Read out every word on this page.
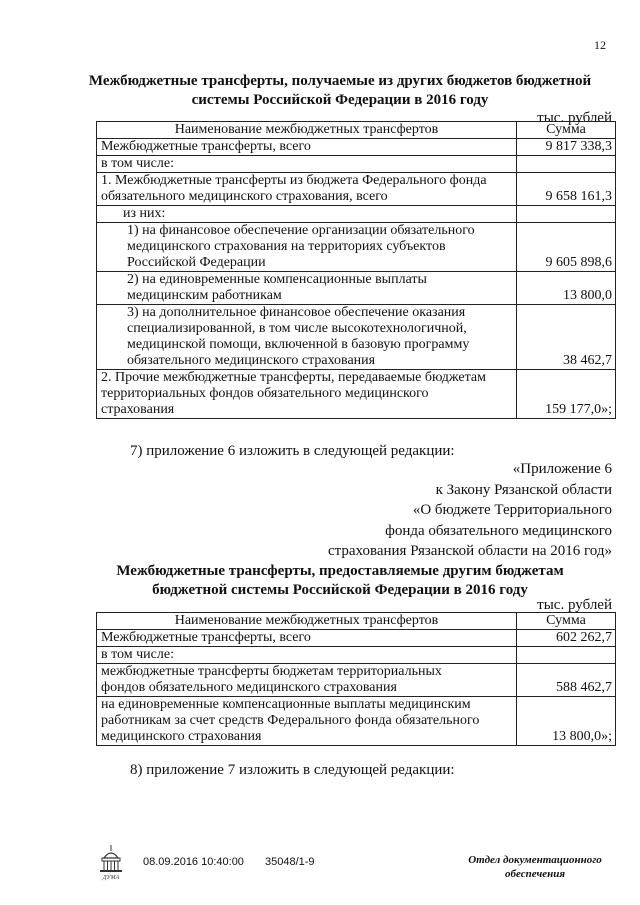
12
Межбюджетные трансферты, получаемые из других бюджетов бюджетной
системы Российской Федерации в 2016 году
тыс. рублей
Наименование межбюджетных трансфертов	Сумма

Межбюджетные трансферты, всего	9 817 338,3

в том числе:	

1. Межбюджетные трансферты из бюджета Федерального фонда
обязательного медицинского страхования, всего	9 658 161,3

из них:	

1) на финансовое обеспечение организации обязательного
медицинского страхования на территориях субъектов
Российской Федерации	9 605 898,6

2) на единовременные компенсационные выплаты
медицинским работникам	13 800,0

3) на дополнительное финансовое обеспечение оказания
специализированной, в том числе высокотехнологичной,
медицинской помощи, включенной в базовую программу
обязательного медицинского страхования	38 462,7

2. Прочие межбюджетные трансферты, передаваемые бюджетам
территориальных фондов обязательного медицинского
страхования	159 177,0»;
7) приложение 6 изложить в следующей редакции:
«Приложение 6
к Закону Рязанской области
«О бюджете Территориального
фонда обязательного медицинского
страхования Рязанской области на 2016 год»
Межбюджетные трансферты, предоставляемые другим бюджетам
бюджетной системы Российской Федерации в 2016 году
тыс. рублей
Наименование межбюджетных трансфертов	Сумма

Межбюджетные трансферты, всего	602 262,7

в том числе:	

межбюджетные трансферты бюджетам территориальных
фондов обязательного медицинского страхования	588 462,7

на единовременные компенсационные выплаты медицинским
работникам за счет средств Федерального фонда обязательного
медицинского страхования	13 800,0»;
8) приложение 7 изложить в следующей редакции:
ДУМА
08.09.2016 10:40:00 35048/1-9	Отдел документационного
обеспечения
